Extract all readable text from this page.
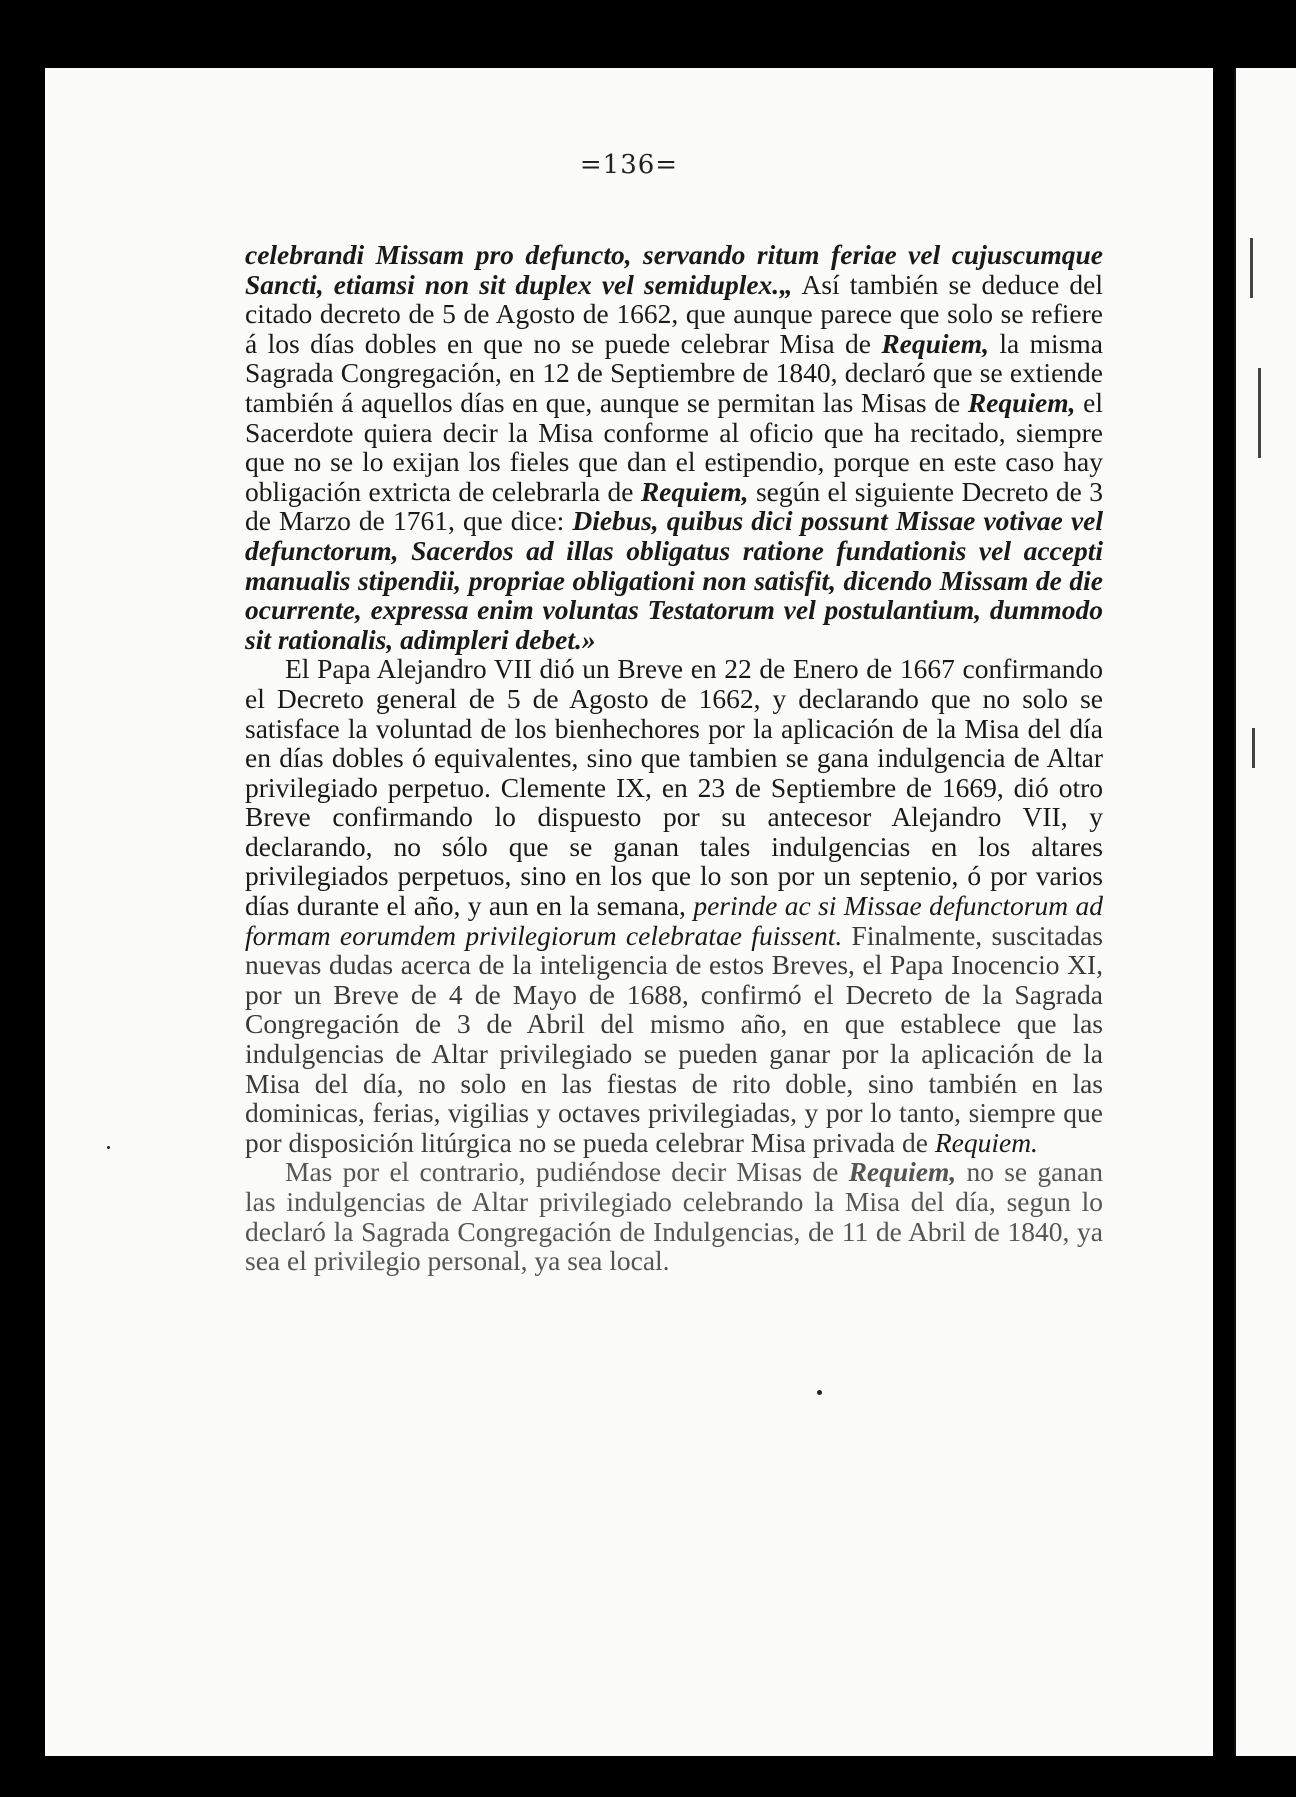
=136=

celebrandi Missam pro defuncto, servando ritum feriae vel cujuscumque Sancti, etiamsi non sit duplex vel semiduplex.„ Así también se deduce del citado decreto de 5 de Agosto de 1662, que aunque parece que solo se refiere á los días dobles en que no se puede celebrar Misa de Requiem, la misma Sagrada Congregación, en 12 de Septiembre de 1840, declaró que se extiende también á aquellos días en que, aunque se permitan las Misas de Requiem, el Sacerdote quiera decir la Misa conforme al oficio que ha recitado, siempre que no se lo exijan los fieles que dan el estipendio, porque en este caso hay obligación extricta de celebrarla de Requiem, según el siguiente Decreto de 3 de Marzo de 1761, que dice: Diebus, quibus dici possunt Missae votivae vel defunctorum, Sacerdos ad illas obligatus ratione fundationis vel accepti manualis stipendii, propriae obligationi non satisfit, dicendo Missam de die ocurrente, expressa enim voluntas Testatorum vel postulantium, dummodo sit rationalis, adimpleri debet.»

El Papa Alejandro VII dió un Breve en 22 de Enero de 1667 confirmando el Decreto general de 5 de Agosto de 1662, y declarando que no solo se satisface la voluntad de los bienhechores por la aplicación de la Misa del día en días dobles ó equivalentes, sino que tambien se gana indulgencia de Altar privilegiado perpetuo. Clemente IX, en 23 de Septiembre de 1669, dió otro Breve confirmando lo dispuesto por su antecesor Alejandro VII, y declarando, no sólo que se ganan tales indulgencias en los altares privilegiados perpetuos, sino en los que lo son por un septenio, ó por varios días durante el año, y aun en la semana, perinde ac si Missae defunctorum ad formam eorumdem privilegiorum celebratae fuissent. Finalmente, suscitadas nuevas dudas acerca de la inteligencia de estos Breves, el Papa Inocencio XI, por un Breve de 4 de Mayo de 1688, confirmó el Decreto de la Sagrada Congregación de 3 de Abril del mismo año, en que establece que las indulgencias de Altar privilegiado se pueden ganar por la aplicación de la Misa del día, no solo en las fiestas de rito doble, sino también en las dominicas, ferias, vigilias y octaves privilegiadas, y por lo tanto, siempre que por disposición litúrgica no se pueda celebrar Misa privada de Requiem.

Mas por el contrario, pudiéndose decir Misas de Requiem, no se ganan las indulgencias de Altar privilegiado celebrando la Misa del día, segun lo declaró la Sagrada Congregación de Indulgencias, de 11 de Abril de 1840, ya sea el privilegio personal, ya sea local.
